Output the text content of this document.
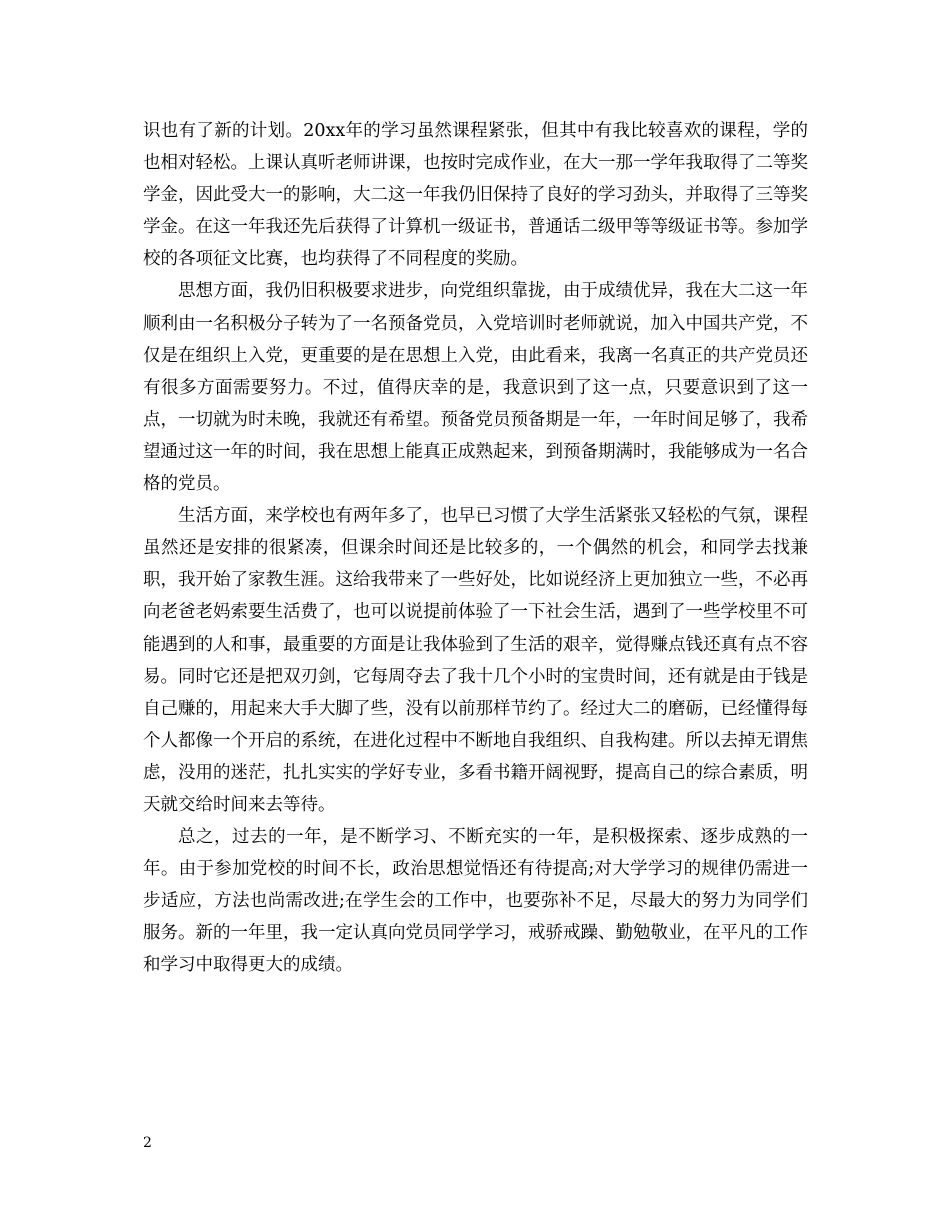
识也有了新的计划。20xx年的学习虽然课程紧张，但其中有我比较喜欢的课程，学的也相对轻松。上课认真听老师讲课，也按时完成作业，在大一那一学年我取得了二等奖学金，因此受大一的影响，大二这一年我仍旧保持了良好的学习劲头，并取得了三等奖学金。在这一年我还先后获得了计算机一级证书，普通话二级甲等等级证书等。参加学校的各项征文比赛，也均获得了不同程度的奖励。

思想方面，我仍旧积极要求进步，向党组织靠拢，由于成绩优异，我在大二这一年顺利由一名积极分子转为了一名预备党员，入党培训时老师就说，加入中国共产党，不仅是在组织上入党，更重要的是在思想上入党，由此看来，我离一名真正的共产党员还有很多方面需要努力。不过，值得庆幸的是，我意识到了这一点，只要意识到了这一点，一切就为时未晚，我就还有希望。预备党员预备期是一年，一年时间足够了，我希望通过这一年的时间，我在思想上能真正成熟起来，到预备期满时，我能够成为一名合格的党员。

生活方面，来学校也有两年多了，也早已习惯了大学生活紧张又轻松的气氛，课程虽然还是安排的很紧凑，但课余时间还是比较多的，一个偶然的机会，和同学去找兼职，我开始了家教生涯。这给我带来了一些好处，比如说经济上更加独立一些，不必再向老爸老妈索要生活费了，也可以说提前体验了一下社会生活，遇到了一些学校里不可能遇到的人和事，最重要的方面是让我体验到了生活的艰辛，觉得赚点钱还真有点不容易。同时它还是把双刃剑，它每周夺去了我十几个小时的宝贵时间，还有就是由于钱是自己赚的，用起来大手大脚了些，没有以前那样节约了。经过大二的磨砺，已经懂得每个人都像一个开启的系统，在进化过程中不断地自我组织、自我构建。所以去掉无谓焦虑，没用的迷茫，扎扎实实的学好专业，多看书籍开阔视野，提高自己的综合素质，明天就交给时间来去等待。

总之，过去的一年，是不断学习、不断充实的一年，是积极探索、逐步成熟的一年。由于参加党校的时间不长，政治思想觉悟还有待提高;对大学学习的规律仍需进一步适应，方法也尚需改进;在学生会的工作中，也要弥补不足，尽最大的努力为同学们服务。新的一年里，我一定认真向党员同学学习，戒骄戒躁、勤勉敬业，在平凡的工作和学习中取得更大的成绩。

2
